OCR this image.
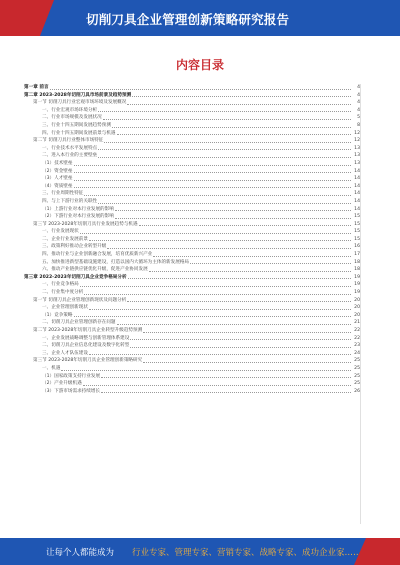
切削刀具企业管理创新策略研究报告
内容目录
第一章 前言	4
第二章 2023-2028年切削刀具市场前景及趋势预测	4
第一节 切削刀具行业宏观市场环境及发展概况	4
一、行业宏观市场环境分析	4
二、行业市场规模及发展状况	5
三、行业十四五期间发展趋势预测	8
四、行业十四五期间发展前景与机遇	12
第二节 切削刀具行业整体市场特征	12
一、行业技术水平发展特点	13
二、进入本行业的主要壁垒	13
（1）技术壁垒	13
（2）资金壁垒	14
（3）人才壁垒	14
（4）资质壁垒	14
三、行业周期性特征	14
四、与上下游行业的关联性	14
（1）上游行业对本行业发展的影响	14
（2）下游行业对本行业发展的影响	15
第三节 2023-2028年切削刀具行业发展趋势与机遇	15
一、行业发展现状	15
二、企业行业发展前景	15
三、政策利好推动企业转型升级	16
四、推动行业与企业创新融合发展，培育优质新兴产业	17
五、加快推进新型基础设施建设，打造以国内大循环为主体的新发展格局	18
六、推动产业链供应链优化升级，促进产业协同发展	18
第三章 2022-2023年切削刀具企业竞争格局分析	19
一、行业竞争格局	19
二、行业集中度分析	19
第一节 切削刀具企业管理创新现状及问题分析	20
一、企业管理创新现状	20
（1）竞争策略	20
二、切削刀具企业管理创新存在问题	21
第二节 2023-2028年切削刀具企业转型升级趋势预测	22
一、企业发展战略调整与创新管理体系建设	22
二、切削刀具企业信息化建设及数字化转型	23
三、企业人才队伍建设	24
第三节 2023-2028年切削刀具企业管理创新策略研究	25
一、机遇	25
（1）国家政策支持行业发展	25
（2）产业升级机遇	25
（3）下游市场需求持续增长	26
让每个人都能成为 行业专家、管理专家、营销专家、战略专家、成功企业家……
